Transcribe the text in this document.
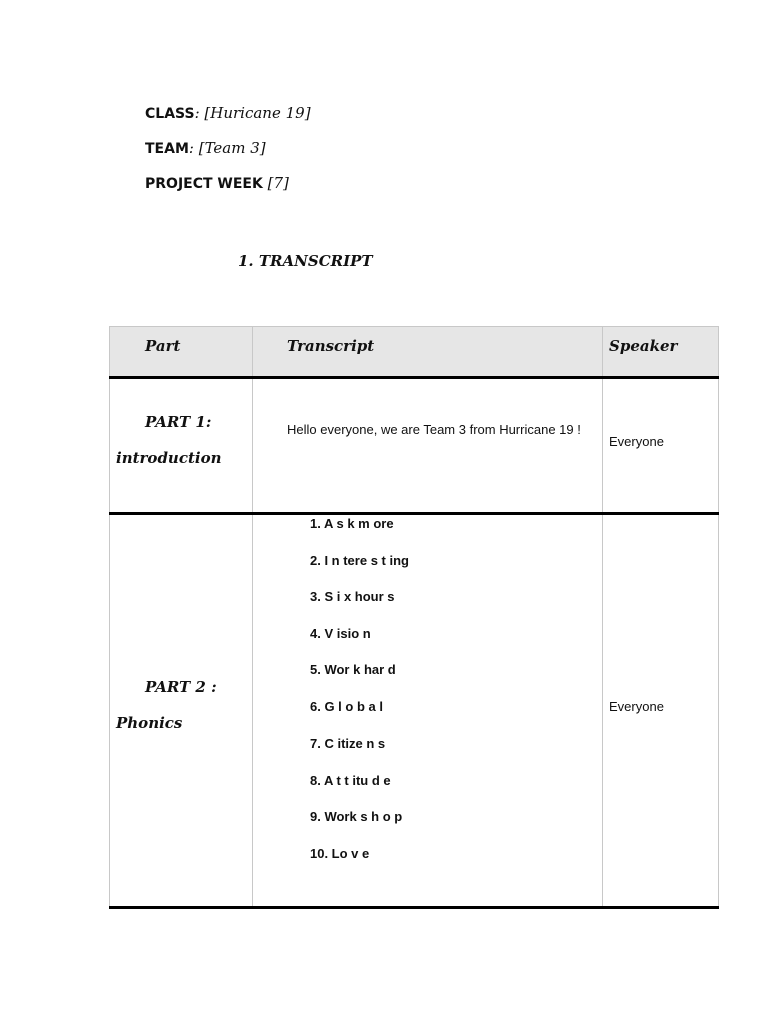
CLASS: [Huricane 19]
TEAM: [Team 3]
PROJECT WEEK [7]
1. TRANSCRIPT
Part	Transcript	Speaker
PART 1:
introduction
Hello everyone, we are Team 3 from Hurricane 19 !
Everyone
PART 2 :
Phonics
1. A s k m ore
2. I n tere s t ing
3. S i x hour s
4. V isio n
5. Wor k har d
6. G l o b a l
7. C itize n s
8. A t t itu d e
9. Work s h o p
10. Lo v e
Everyone
